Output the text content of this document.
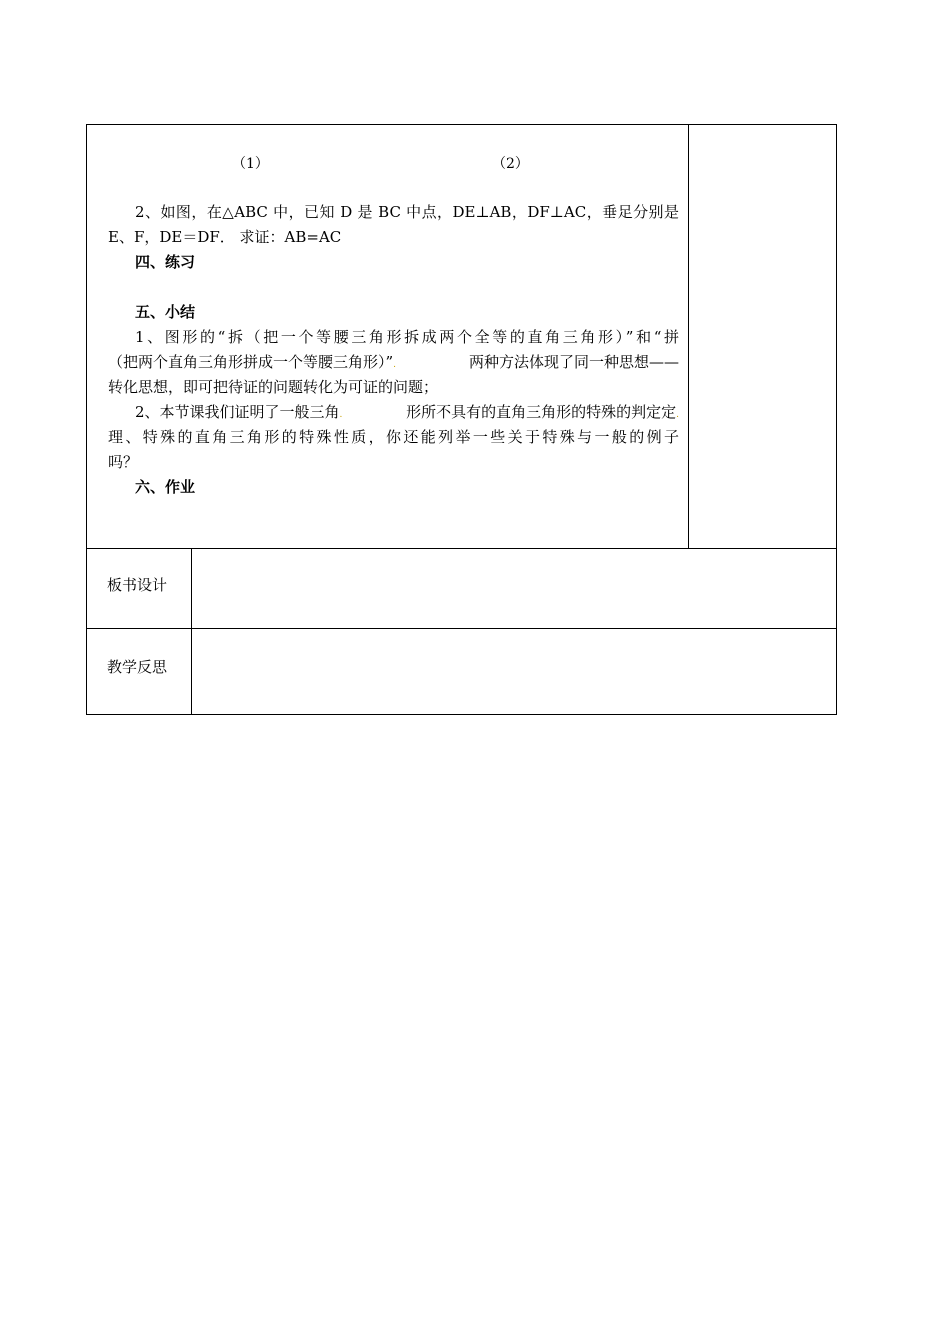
（1）	（2）
2、如图，在△ABC 中，已知 D 是 BC 中点，DE⊥AB，DF⊥AC，垂足分别是
E、F，DE＝DF． 求证：AB=AC
四、练习
五、小结
1、图形的“拆（把一个等腰三角形拆成两个全等的直角三角形）”和“拼
（把两个直角三角形拼成一个等腰三角形）” .	两种方法体现了同一种思想——
转化思想，即可把待证的问题转化为可证的问题；
2、本节课我们证明了一般三角 .	形所不具有的直角三角形的特殊的判定定 .
理、特殊的直角三角形的特殊性质，你还能列举一些关于特殊与一般的例子
吗？
六、作业
板书设计
教学反思
